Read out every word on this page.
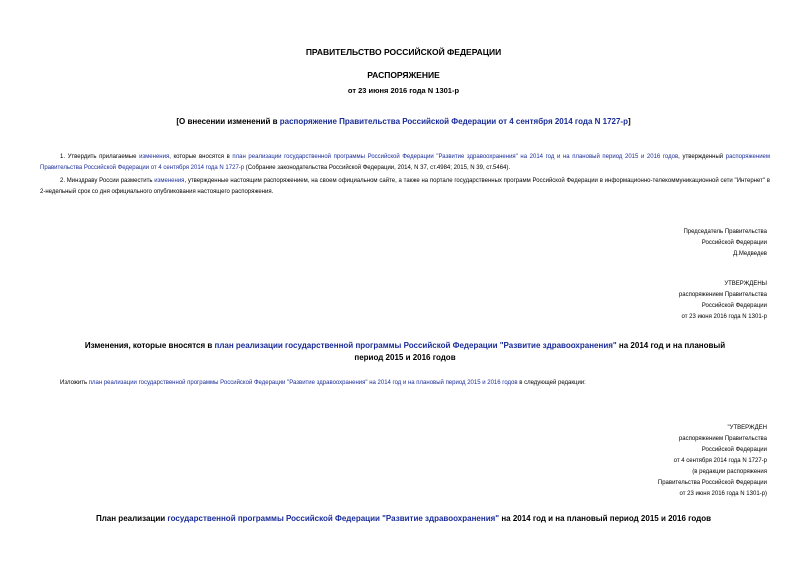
ПРАВИТЕЛЬСТВО РОССИЙСКОЙ ФЕДЕРАЦИИ
РАСПОРЯЖЕНИЕ
от 23 июня 2016 года N 1301-р
[О внесении изменений в распоряжение Правительства Российской Федерации от 4 сентября 2014 года N 1727-р]
1. Утвердить прилагаемые изменения, которые вносятся в план реализации государственной программы Российской Федерации "Развитие здравоохранения" на 2014 год и на плановый период 2015 и 2016 годов, утвержденный распоряжением Правительства Российской Федерации от 4 сентября 2014 года N 1727-р (Собрание законодательства Российской Федерации, 2014, N 37, ст.4984; 2015, N 39, ст.5464).
2. Минздраву России разместить изменения, утвержденные настоящим распоряжением, на своем официальном сайте, а также на портале государственных программ Российской Федерации в информационно-телекоммуникационной сети "Интернет" в 2-недельный срок со дня официального опубликования настоящего распоряжения.
Председатель Правительства
Российской Федерации
Д.Медведев
УТВЕРЖДЕНЫ
распоряжением Правительства
Российской Федерации
от 23 июня 2016 года N 1301-р
Изменения, которые вносятся в план реализации государственной программы Российской Федерации "Развитие здравоохранения" на 2014 год и на плановый период 2015 и 2016 годов
Изложить план реализации государственной программы Российской Федерации "Развитие здравоохранения" на 2014 год и на плановый период 2015 и 2016 годов в следующей редакции:
"УТВЕРЖДЕН
распоряжением Правительства
Российской Федерации
от 4 сентября 2014 года N 1727-р
(в редакции распоряжения
Правительства Российской Федерации
от 23 июня 2016 года N 1301-р)
План реализации государственной программы Российской Федерации "Развитие здравоохранения" на 2014 год и на плановый период 2015 и 2016 годов
